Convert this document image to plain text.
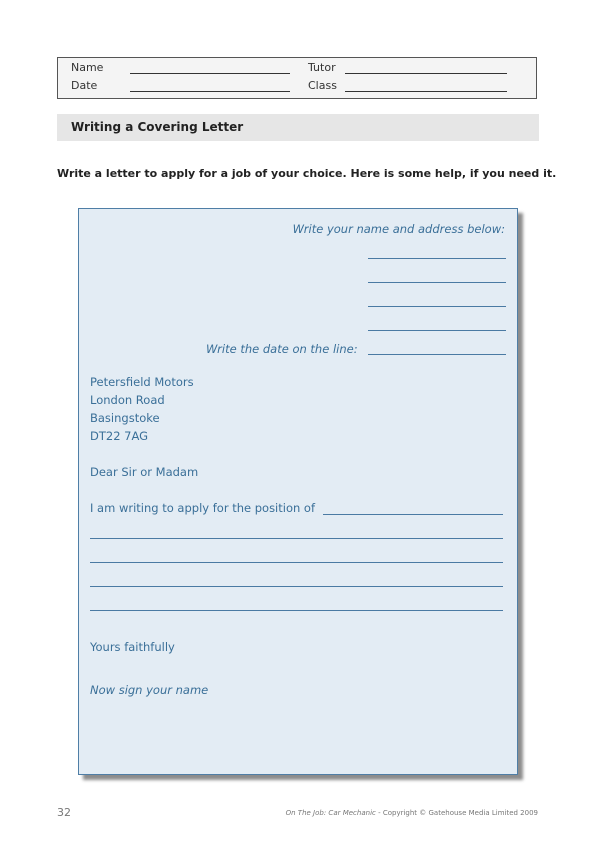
Name	Tutor
Date	Class
Writing a Covering Letter
Write a letter to apply for a job of your choice. Here is some help, if you need it.
Write your name and address below:
Write the date on the line:
Petersfield Motors
London Road
Basingstoke
DT22 7AG
Dear Sir or Madam
I am writing to apply for the position of
Yours faithfully
Now sign your name
32	On The Job: Car Mechanic - Copyright © Gatehouse Media Limited 2009
